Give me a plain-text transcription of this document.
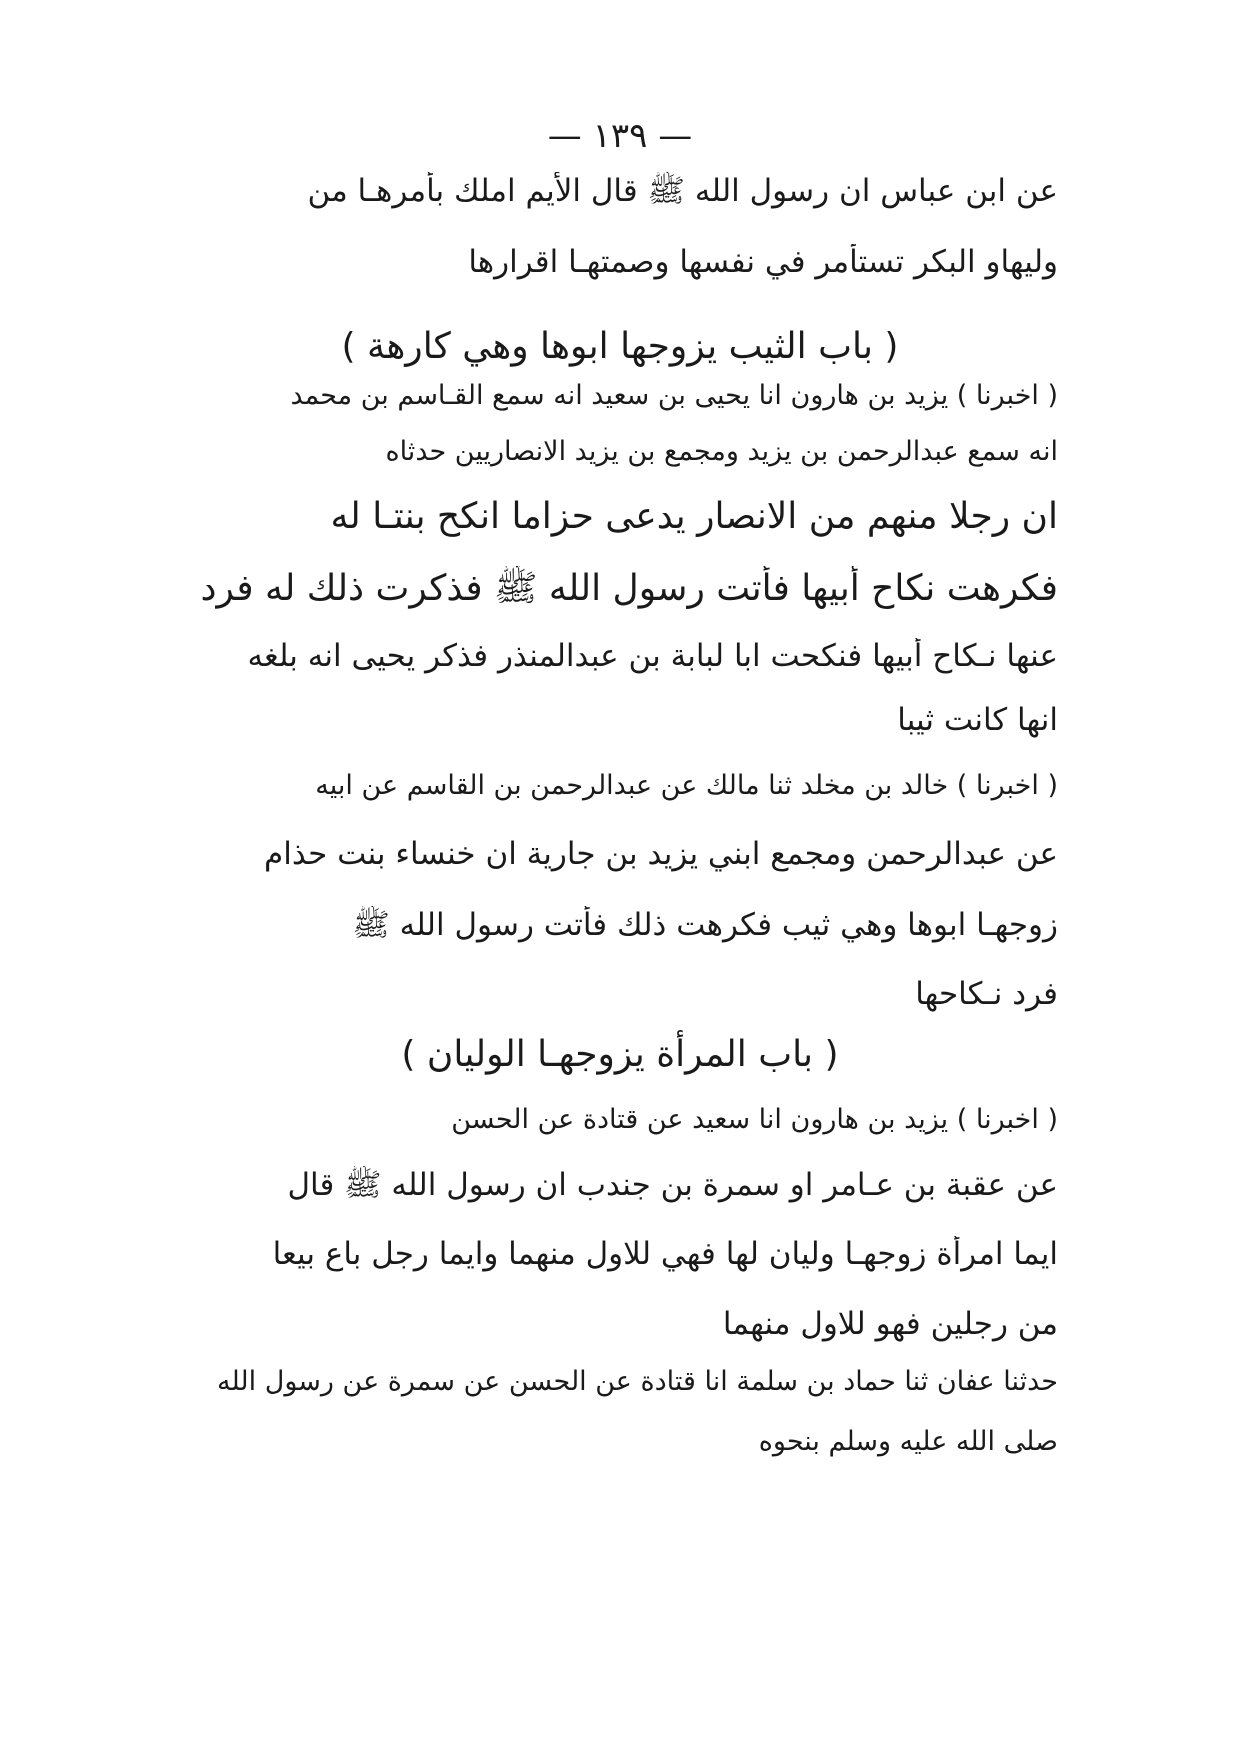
— ١٣٩ —
عن ابن عباس ان رسول الله ﷺ قال الأيم املك بأمرهـا من
وليهاو البكر تستأمر في نفسها وصمتهـا اقرارها
( باب الثيب يزوجها ابوها وهي كارهة )
( اخبرنا ) يزيد بن هارون انا يحيى بن سعيد انه سمع القـاسم بن محمد
انه سمع عبدالرحمن بن يزيد ومجمع بن يزيد الانصاريين حدثاه
ان رجلا منهم من الانصار يدعى حزاما انكح بنتـا له
فكرهت نكاح أبيها فأتت رسول الله ﷺ فذكرت ذلك له فرد
عنها نـكاح أبيها فنكحت ابا لبابة بن عبدالمنذر فذكر يحيى انه بلغه
انها كانت ثيبا
( اخبرنا ) خالد بن مخلد ثنا مالك عن عبدالرحمن بن القاسم عن ابيه
عن عبدالرحمن ومجمع ابني يزيد بن جارية ان خنساء بنت حذام
زوجهـا ابوها وهي ثيب فكرهت ذلك فأتت رسول الله ﷺ
فرد نـكاحها
( باب المرأة يزوجهـا الوليان )
( اخبرنا ) يزيد بن هارون انا سعيد عن قتادة عن الحسن
عن عقبة بن عـامر او سمرة بن جندب ان رسول الله ﷺ قال
ايما امرأة زوجهـا وليان لها فهي للاول منهما وايما رجل باع بيعا
من رجلين فهو للاول منهما
حدثنا عفان ثنا حماد بن سلمة انا قتادة عن الحسن عن سمرة عن رسول الله
صلى الله عليه وسلم بنحوه
